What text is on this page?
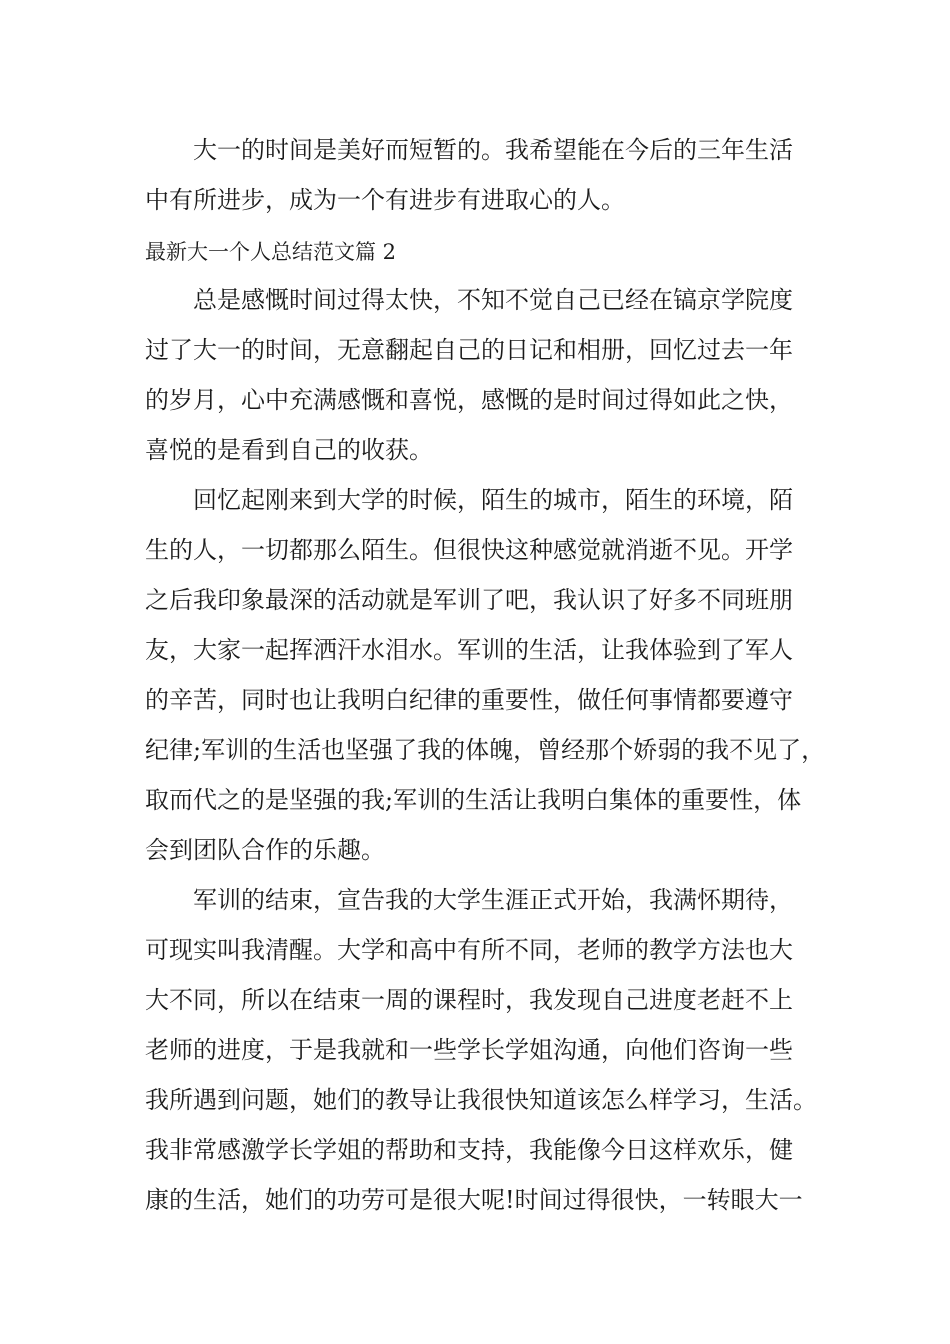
大一的时间是美好而短暂的。我希望能在今后的三年生活
中有所进步，成为一个有进步有进取心的人。
最新大一个人总结范文篇 2
总是感慨时间过得太快，不知不觉自己已经在镐京学院度
过了大一的时间，无意翻起自己的日记和相册，回忆过去一年
的岁月，心中充满感慨和喜悦，感慨的是时间过得如此之快，
喜悦的是看到自己的收获。
回忆起刚来到大学的时候，陌生的城市，陌生的环境，陌
生的人，一切都那么陌生。但很快这种感觉就消逝不见。开学
之后我印象最深的活动就是军训了吧，我认识了好多不同班朋
友，大家一起挥洒汗水泪水。军训的生活，让我体验到了军人
的辛苦，同时也让我明白纪律的重要性，做任何事情都要遵守
纪律;军训的生活也坚强了我的体魄，曾经那个娇弱的我不见了，
取而代之的是坚强的我;军训的生活让我明白集体的重要性，体
会到团队合作的乐趣。
军训的结束，宣告我的大学生涯正式开始，我满怀期待，
可现实叫我清醒。大学和高中有所不同，老师的教学方法也大
大不同，所以在结束一周的课程时，我发现自己进度老赶不上
老师的进度，于是我就和一些学长学姐沟通，向他们咨询一些
我所遇到问题，她们的教导让我很快知道该怎么样学习，生活。
我非常感激学长学姐的帮助和支持，我能像今日这样欢乐，健
康的生活，她们的功劳可是很大呢!时间过得很快，一转眼大一
